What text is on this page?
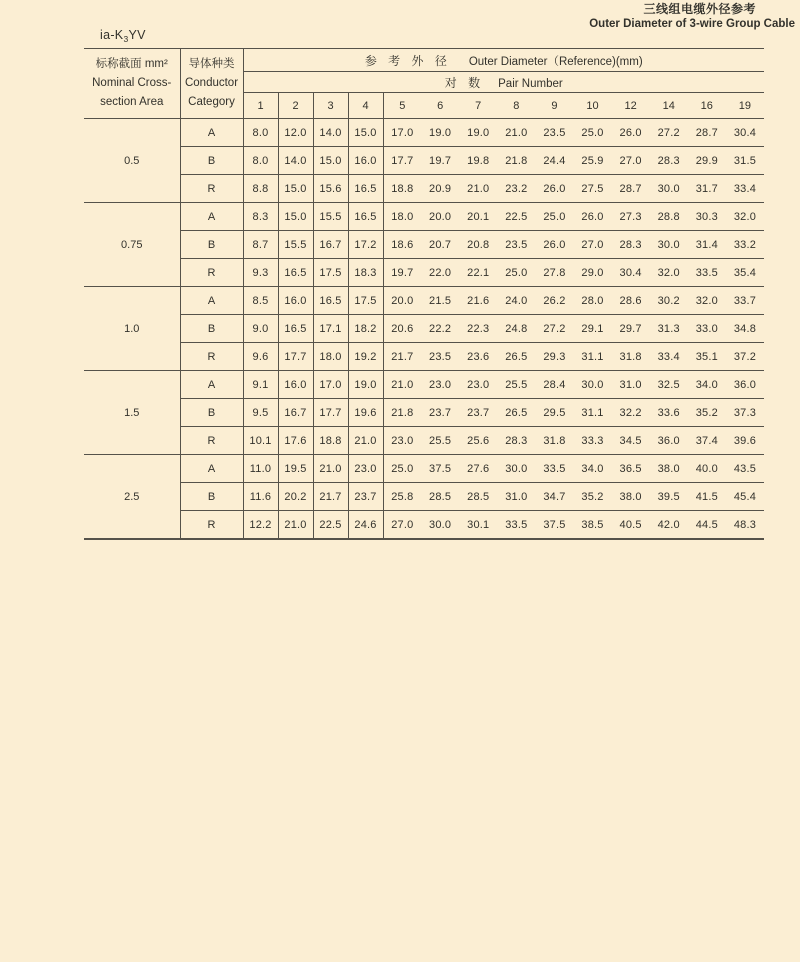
三线组电缆外径参考
Outer Diameter of 3-wire Group Cable
$ia-K_3YV$
标称截面 mm²
Nominal Cross-
section Area

导体种类
Conductor
Category
	参 考 外 径 Outer Diameter（Reference)(mm)
		对 数 Pair Number													
		1	2	3	4	5	6	7	8	9	10	12	14	16	19
0.5	A	8.0	12.0	14.0	15.0	17.0	19.0	19.0	21.0	23.5	25.0	26.0	27.2	28.7	30.4
	B	8.0	14.0	15.0	16.0	17.7	19.7	19.8	21.8	24.4	25.9	27.0	28.3	29.9	31.5
	R	8.8	15.0	15.6	16.5	18.8	20.9	21.0	23.2	26.0	27.5	28.7	30.0	31.7	33.4
0.75	A	8.3	15.0	15.5	16.5	18.0	20.0	20.1	22.5	25.0	26.0	27.3	28.8	30.3	32.0
	B	8.7	15.5	16.7	17.2	18.6	20.7	20.8	23.5	26.0	27.0	28.3	30.0	31.4	33.2
	R	9.3	16.5	17.5	18.3	19.7	22.0	22.1	25.0	27.8	29.0	30.4	32.0	33.5	35.4
1.0	A	8.5	16.0	16.5	17.5	20.0	21.5	21.6	24.0	26.2	28.0	28.6	30.2	32.0	33.7
	B	9.0	16.5	17.1	18.2	20.6	22.2	22.3	24.8	27.2	29.1	29.7	31.3	33.0	34.8
	R	9.6	17.7	18.0	19.2	21.7	23.5	23.6	26.5	29.3	31.1	31.8	33.4	35.1	37.2
1.5	A	9.1	16.0	17.0	19.0	21.0	23.0	23.0	25.5	28.4	30.0	31.0	32.5	34.0	36.0
	B	9.5	16.7	17.7	19.6	21.8	23.7	23.7	26.5	29.5	31.1	32.2	33.6	35.2	37.3
	R	10.1	17.6	18.8	21.0	23.0	25.5	25.6	28.3	31.8	33.3	34.5	36.0	37.4	39.6
2.5	A	11.0	19.5	21.0	23.0	25.0	37.5	27.6	30.0	33.5	34.0	36.5	38.0	40.0	43.5
	B	11.6	20.2	21.7	23.7	25.8	28.5	28.5	31.0	34.7	35.2	38.0	39.5	41.5	45.4
	R	12.2	21.0	22.5	24.6	27.0	30.0	30.1	33.5	37.5	38.5	40.5	42.0	44.5	48.3
